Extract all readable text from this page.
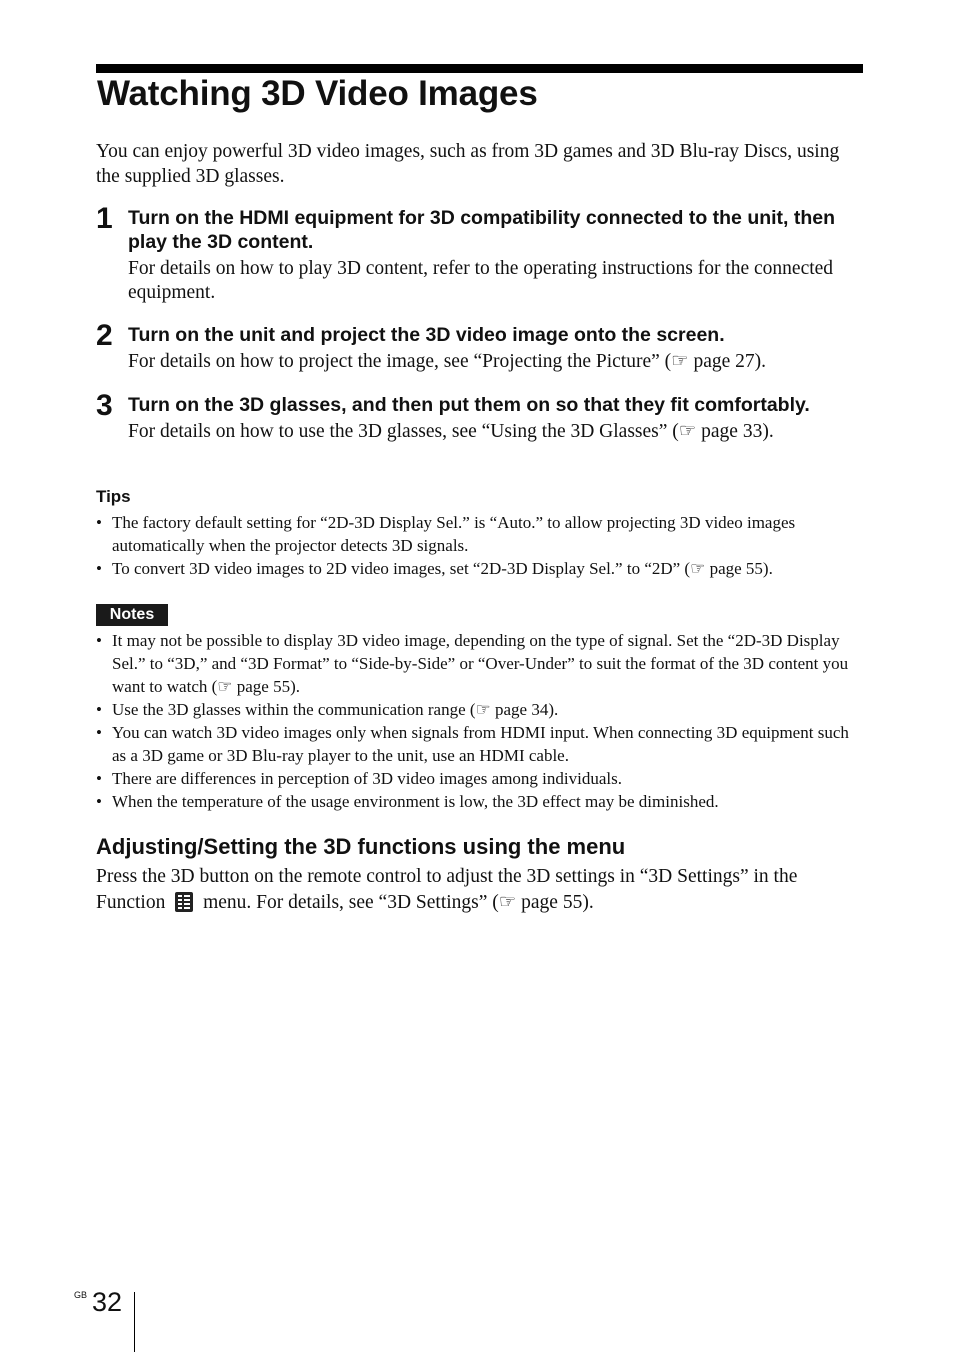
Watching 3D Video Images

You can enjoy powerful 3D video images, such as from 3D games and 3D Blu-ray Discs, using the supplied 3D glasses.

1 Turn on the HDMI equipment for 3D compatibility connected to the unit, then play the 3D content.
For details on how to play 3D content, refer to the operating instructions for the connected equipment.
2 Turn on the unit and project the 3D video image onto the screen.
For details on how to project the image, see “Projecting the Picture” (☞ page 27).
3 Turn on the 3D glasses, and then put them on so that they fit comfortably.
For details on how to use the 3D glasses, see “Using the 3D Glasses” (☞ page 33).
Tips
• The factory default setting for “2D-3D Display Sel.” is “Auto.” to allow projecting 3D video images automatically when the projector detects 3D signals.
• To convert 3D video images to 2D video images, set “2D-3D Display Sel.” to “2D” (☞ page 55).
Notes
• It may not be possible to display 3D video image, depending on the type of signal. Set the “2D-3D Display Sel.” to “3D,” and “3D Format” to “Side-by-Side” or “Over-Under” to suit the format of the 3D content you want to watch (☞ page 55).
• Use the 3D glasses within the communication range (☞ page 34).
• You can watch 3D video images only when signals from HDMI input. When connecting 3D equipment such as a 3D game or 3D Blu-ray player to the unit, use an HDMI cable.
• There are differences in perception of 3D video images among individuals.
• When the temperature of the usage environment is low, the 3D effect may be diminished.
Adjusting/Setting the 3D functions using the menu

Press the 3D button on the remote control to adjust the 3D settings in “3D Settings” in the Function menu. For details, see “3D Settings” (☞ page 55).

GB 32
